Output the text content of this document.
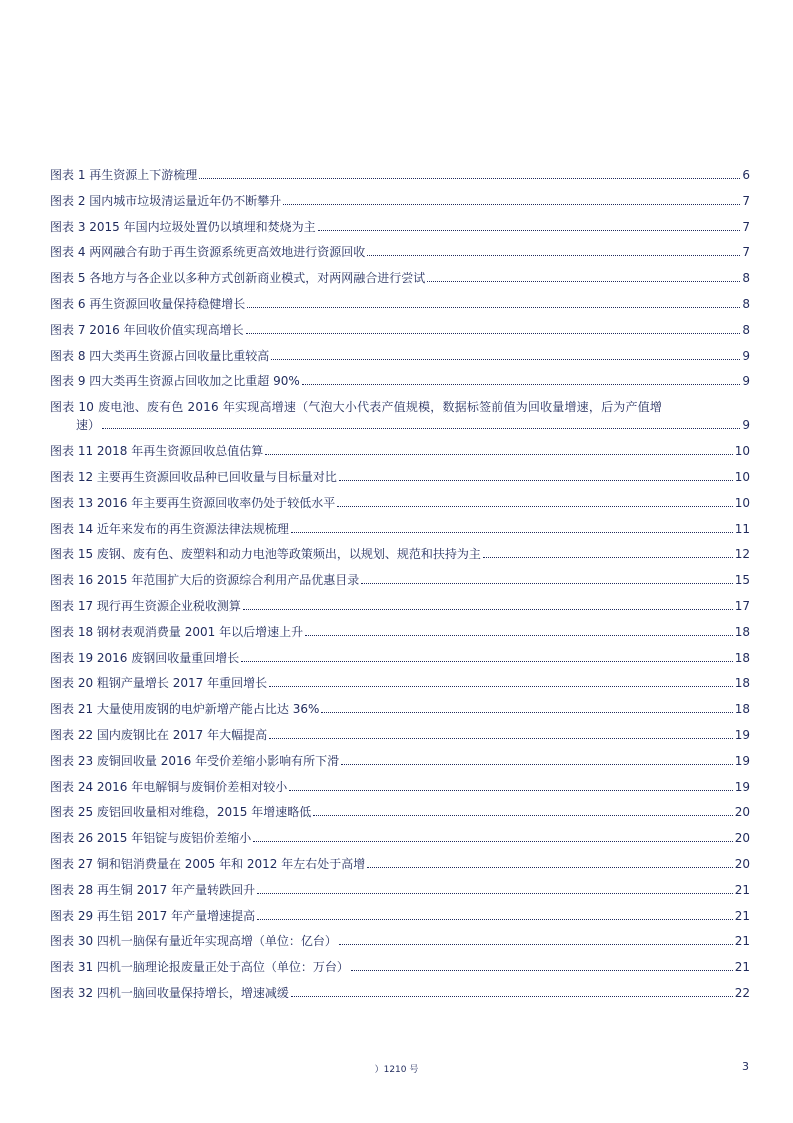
图表 1 再生资源上下游梳理	6
图表 2 国内城市垃圾清运量近年仍不断攀升	7
图表 3 2015 年国内垃圾处置仍以填埋和焚烧为主	7
图表 4 两网融合有助于再生资源系统更高效地进行资源回收	7
图表 5 各地方与各企业以多种方式创新商业模式，对两网融合进行尝试	8
图表 6 再生资源回收量保持稳健增长	8
图表 7 2016 年回收价值实现高增长	8
图表 8 四大类再生资源占回收量比重较高	9
图表 9 四大类再生资源占回收加之比重超 90%	9
图表 10 废电池、废有色 2016 年实现高增速（气泡大小代表产值规模，数据标签前值为回收量增速，后为产值增
速）	9
图表 11 2018 年再生资源回收总值估算	10
图表 12 主要再生资源回收品种已回收量与目标量对比	10
图表 13 2016 年主要再生资源回收率仍处于较低水平	10
图表 14 近年来发布的再生资源法律法规梳理	11
图表 15 废钢、废有色、废塑料和动力电池等政策频出，以规划、规范和扶持为主	12
图表 16 2015 年范围扩大后的资源综合利用产品优惠目录	15
图表 17 现行再生资源企业税收测算	17
图表 18 钢材表观消费量 2001 年以后增速上升	18
图表 19 2016 废钢回收量重回增长	18
图表 20 粗钢产量增长 2017 年重回增长	18
图表 21 大量使用废钢的电炉新增产能占比达 36%	18
图表 22 国内废钢比在 2017 年大幅提高	19
图表 23 废铜回收量 2016 年受价差缩小影响有所下滑	19
图表 24 2016 年电解铜与废铜价差相对较小	19
图表 25 废铝回收量相对维稳，2015 年增速略低	20
图表 26 2015 年铝锭与废铝价差缩小	20
图表 27 铜和铝消费量在 2005 年和 2012 年左右处于高增	20
图表 28 再生铜 2017 年产量转跌回升	21
图表 29 再生铝 2017 年产量增速提高	21
图表 30 四机一脑保有量近年实现高增（单位：亿台）	21
图表 31 四机一脑理论报废量正处于高位（单位：万台）	21
图表 32 四机一脑回收量保持增长，增速减缓	22
）1210 号	3
